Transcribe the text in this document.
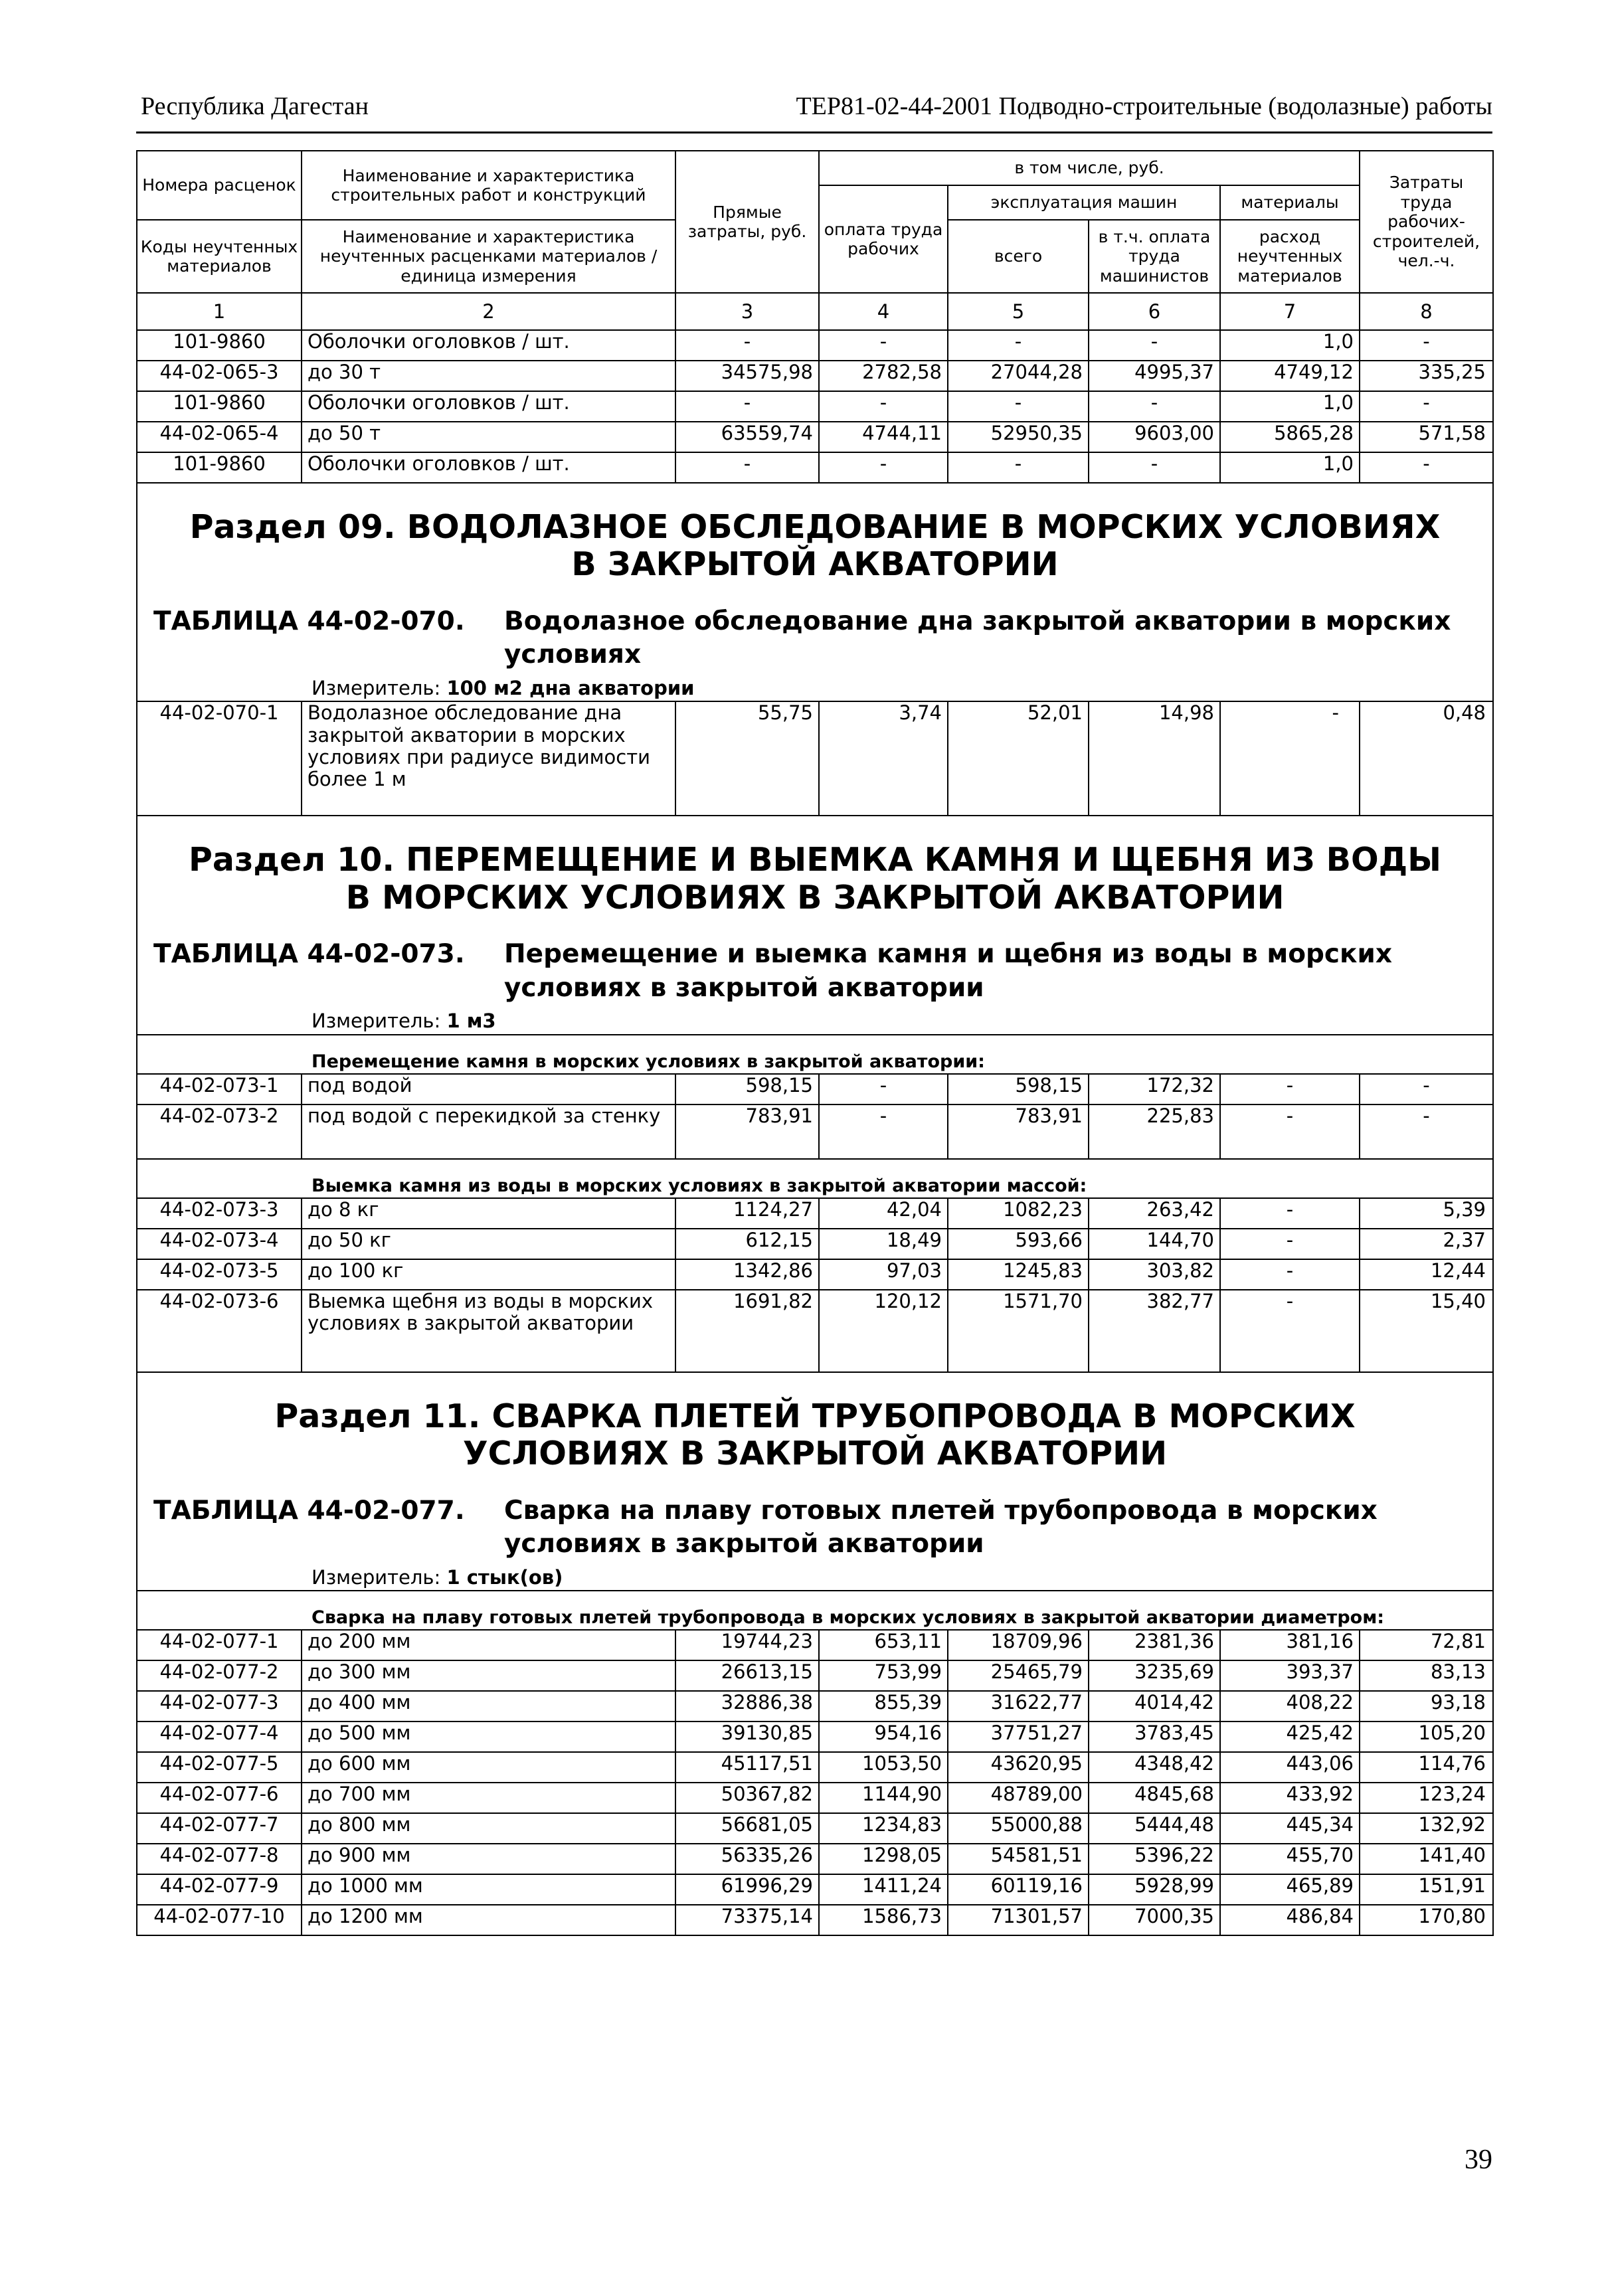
Республика Дагестан	ТЕР81-02-44-2001 Подводно-строительные (водолазные) работы
Номера расценок	Наименование и характеристика строительных работ и конструкций	Прямые затраты, руб.	в том числе, руб.				Затраты труда рабочих-строителей, чел.-ч.
			оплата труда рабочих	эксплуатация машин		материалы	
Коды неучтенных материалов	Наименование и характеристика неучтенных расценками материалов / единица измерения			всего	в т.ч. оплата труда машинистов	расход неучтенных материалов	

1	2	3	4	5	6	7	8
101-9860	Оболочки оголовков / шт.	-	-	-	-	1,0	-
44-02-065-3	до 30 т	34575,98	2782,58	27044,28	4995,37	4749,12	335,25
101-9860	Оболочки оголовков / шт.	-	-	-	-	1,0	-
44-02-065-4	до 50 т	63559,74	4744,11	52950,35	9603,00	5865,28	571,58
101-9860	Оболочки оголовков / шт.	-	-	-	-	1,0	-

Раздел 09. ВОДОЛАЗНОЕ ОБСЛЕДОВАНИЕ В МОРСКИХ УСЛОВИЯХ
В ЗАКРЫТОЙ АКВАТОРИИ							

ТАБЛИЦА 44-02-070. Водолазное обследование дна закрытой акватории в морских условиях							

Измеритель: 100 м2 дна акватории							
44-02-070-1	Водолазное обследование дна закрытой акватории в морских условиях при радиусе видимости более 1 м	55,75	3,74	52,01	14,98	-	0,48

Раздел 10. ПЕРЕМЕЩЕНИЕ И ВЫЕМКА КАМНЯ И ЩЕБНЯ ИЗ ВОДЫ
В МОРСКИХ УСЛОВИЯХ В ЗАКРЫТОЙ АКВАТОРИИ							

ТАБЛИЦА 44-02-073. Перемещение и выемка камня и щебня из воды в морских условиях в закрытой акватории							

Измеритель: 1 м3							
Перемещение камня в морских условиях в закрытой акватории:							
44-02-073-1	под водой	598,15	-	598,15	172,32	-	-
44-02-073-2	под водой с перекидкой за стенку	783,91	-	783,91	225,83	-	-
Выемка камня из воды в морских условиях в закрытой акватории массой:							
44-02-073-3	до 8 кг	1124,27	42,04	1082,23	263,42	-	5,39
44-02-073-4	до 50 кг	612,15	18,49	593,66	144,70	-	2,37
44-02-073-5	до 100 кг	1342,86	97,03	1245,83	303,82	-	12,44
44-02-073-6	Выемка щебня из воды в морских условиях в закрытой акватории	1691,82	120,12	1571,70	382,77	-	15,40

Раздел 11. СВАРКА ПЛЕТЕЙ ТРУБОПРОВОДА В МОРСКИХ
УСЛОВИЯХ В ЗАКРЫТОЙ АКВАТОРИИ							

ТАБЛИЦА 44-02-077. Сварка на плаву готовых плетей трубопровода в морских условиях в закрытой акватории							

Измеритель: 1 стык(ов)							
Сварка на плаву готовых плетей трубопровода в морских условиях в закрытой акватории диаметром:							
44-02-077-1	до 200 мм	19744,23	653,11	18709,96	2381,36	381,16	72,81
44-02-077-2	до 300 мм	26613,15	753,99	25465,79	3235,69	393,37	83,13
44-02-077-3	до 400 мм	32886,38	855,39	31622,77	4014,42	408,22	93,18
44-02-077-4	до 500 мм	39130,85	954,16	37751,27	3783,45	425,42	105,20
44-02-077-5	до 600 мм	45117,51	1053,50	43620,95	4348,42	443,06	114,76
44-02-077-6	до 700 мм	50367,82	1144,90	48789,00	4845,68	433,92	123,24
44-02-077-7	до 800 мм	56681,05	1234,83	55000,88	5444,48	445,34	132,92
44-02-077-8	до 900 мм	56335,26	1298,05	54581,51	5396,22	455,70	141,40
44-02-077-9	до 1000 мм	61996,29	1411,24	60119,16	5928,99	465,89	151,91
44-02-077-10	до 1200 мм	73375,14	1586,73	71301,57	7000,35	486,84	170,80
39
